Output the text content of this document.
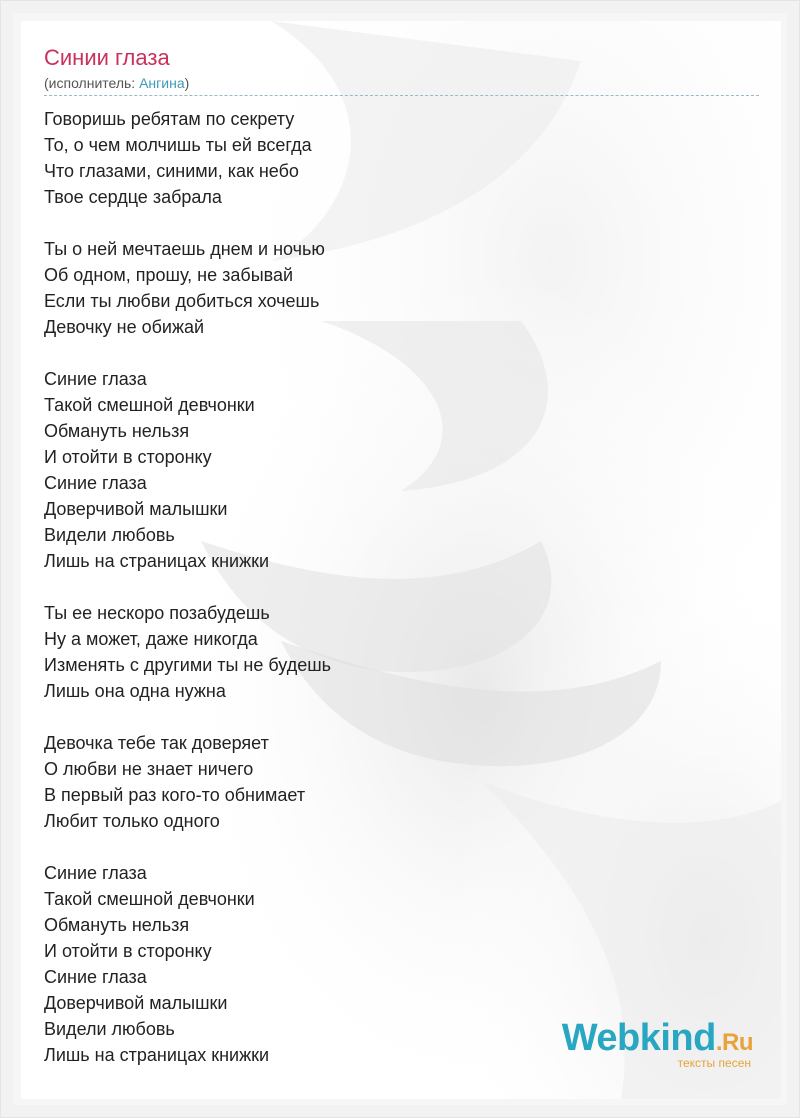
Синии глаза
(исполнитель: Ангина)
Говоришь ребятам по секрету
То, о чем молчишь ты ей всегда
Что глазами, синими, как небо
Твое сердце забрала
Ты о ней мечтаешь днем и ночью
Об одном, прошу, не забывай
Если ты любви добиться хочешь
Девочку не обижай
Синие глаза
Такой смешной девчонки
Обмануть нельзя
И отойти в сторонку
Синие глаза
Доверчивой малышки
Видели любовь
Лишь на страницах книжки
Ты ее нескоро позабудешь
Ну а может, даже никогда
Изменять с другими ты не будешь
Лишь она одна нужна
Девочка тебе так доверяет
О любви не знает ничего
В первый раз кого-то обнимает
Любит только одного
Синие глаза
Такой смешной девчонки
Обмануть нельзя
И отойти в сторонку
Синие глаза
Доверчивой малышки
Видели любовь
Лишь на страницах книжки	Webkind.Ru
тексты песен
